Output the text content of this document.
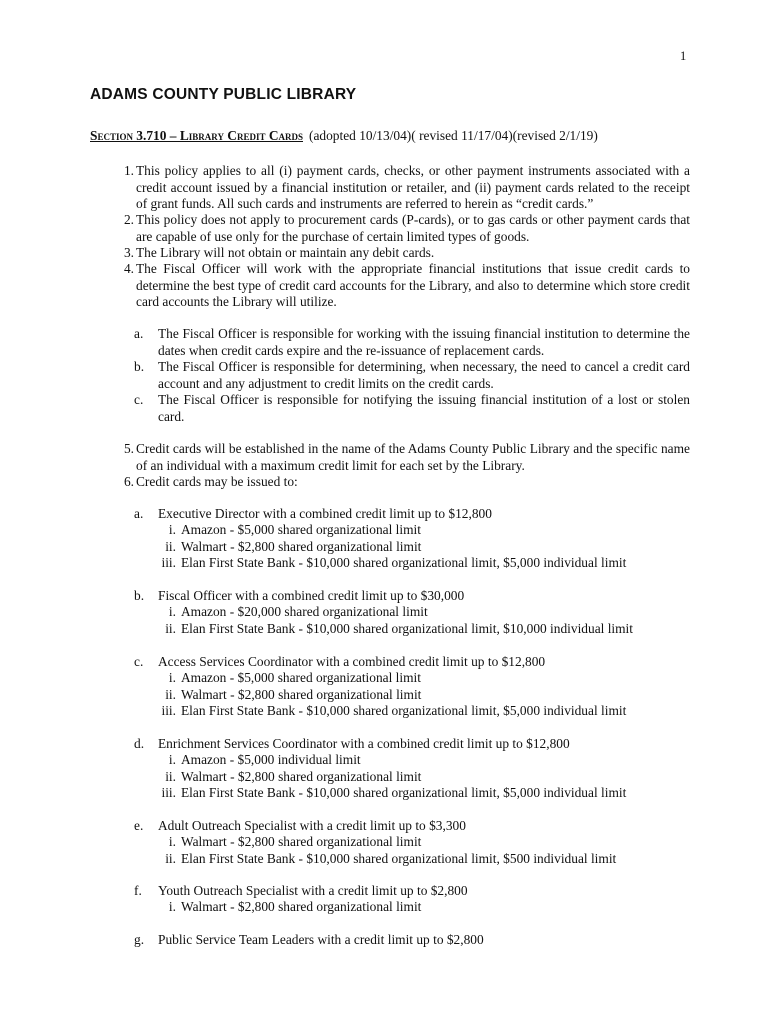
1
ADAMS COUNTY PUBLIC LIBRARY
Section 3.710 – Library Credit Cards (adopted 10/13/04)( revised 11/17/04)(revised 2/1/19)
1. This policy applies to all (i) payment cards, checks, or other payment instruments associated with a credit account issued by a financial institution or retailer, and (ii) payment cards related to the receipt of grant funds. All such cards and instruments are referred to herein as “credit cards.”
2. This policy does not apply to procurement cards (P-cards), or to gas cards or other payment cards that are capable of use only for the purchase of certain limited types of goods.
3. The Library will not obtain or maintain any debit cards.
4. The Fiscal Officer will work with the appropriate financial institutions that issue credit cards to determine the best type of credit card accounts for the Library, and also to determine which store credit card accounts the Library will utilize.
a.	The Fiscal Officer is responsible for working with the issuing financial institution to determine the dates when credit cards expire and the re-issuance of replacement cards.
b. The Fiscal Officer is responsible for determining, when necessary, the need to cancel a credit card account and any adjustment to credit limits on the credit cards.
c.	The Fiscal Officer is responsible for notifying the issuing financial institution of a lost or stolen card.
5. Credit cards will be established in the name of the Adams County Public Library and the specific name of an individual with a maximum credit limit for each set by the Library.
6. Credit cards may be issued to:
a.	Executive Director with a combined credit limit up to $12,800
i. Amazon - $5,000 shared organizational limit
ii. Walmart - $2,800 shared organizational limit
iii. Elan First State Bank - $10,000 shared organizational limit, $5,000 individual limit
b. Fiscal Officer with a combined credit limit up to $30,000
i. Amazon - $20,000 shared organizational limit
ii. Elan First State Bank - $10,000 shared organizational limit, $10,000 individual limit
c.	Access Services Coordinator with a combined credit limit up to $12,800
i. Amazon - $5,000 shared organizational limit
ii. Walmart - $2,800 shared organizational limit
iii. Elan First State Bank - $10,000 shared organizational limit, $5,000 individual limit
d. Enrichment Services Coordinator with a combined credit limit up to $12,800
i. Amazon - $5,000 individual limit
ii. Walmart - $2,800 shared organizational limit
iii. Elan First State Bank - $10,000 shared organizational limit, $5,000 individual limit
e.	Adult Outreach Specialist with a credit limit up to $3,300
i. Walmart - $2,800 shared organizational limit
ii. Elan First State Bank - $10,000 shared organizational limit, $500 individual limit
f.	Youth Outreach Specialist with a credit limit up to $2,800
i. Walmart - $2,800 shared organizational limit
g. Public Service Team Leaders with a credit limit up to $2,800
